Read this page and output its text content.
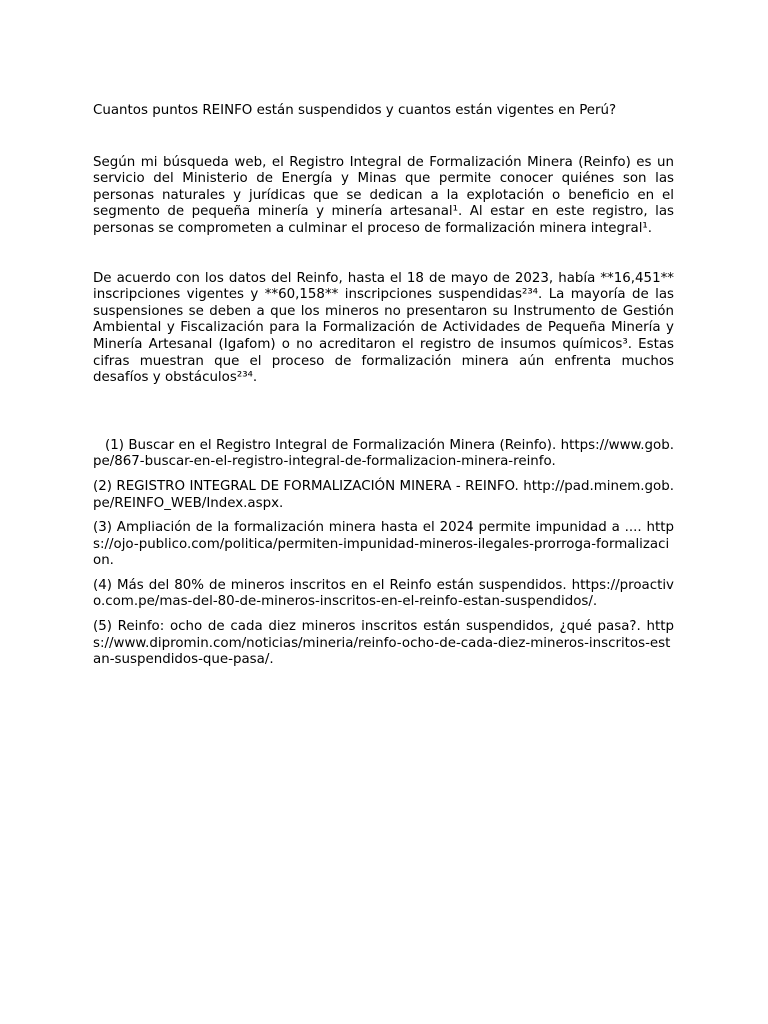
Cuantos puntos REINFO están suspendidos y cuantos están vigentes en Perú?

Según mi búsqueda web, el Registro Integral de Formalización Minera (Reinfo) es un servicio del Ministerio de Energía y Minas que permite conocer quiénes son las personas naturales y jurídicas que se dedican a la explotación o beneficio en el segmento de pequeña minería y minería artesanal¹. Al estar en este registro, las personas se comprometen a culminar el proceso de formalización minera integral¹.

De acuerdo con los datos del Reinfo, hasta el 18 de mayo de 2023, había **16,451** inscripciones vigentes y **60,158** inscripciones suspendidas²³⁴. La mayoría de las suspensiones se deben a que los mineros no presentaron su Instrumento de Gestión Ambiental y Fiscalización para la Formalización de Actividades de Pequeña Minería y Minería Artesanal (Igafom) o no acreditaron el registro de insumos químicos³. Estas cifras muestran que el proceso de formalización minera aún enfrenta muchos desafíos y obstáculos²³⁴.

(1) Buscar en el Registro Integral de Formalización Minera (Reinfo). https://www.gob.pe/867-buscar-en-el-registro-integral-de-formalizacion-minera-reinfo.

(2) REGISTRO INTEGRAL DE FORMALIZACIÓN MINERA - REINFO. http://pad.minem.gob.pe/REINFO_WEB/Index.aspx.

(3) Ampliación de la formalización minera hasta el 2024 permite impunidad a .... https://ojo-publico.com/politica/permiten-impunidad-mineros-ilegales-prorroga-formalizacion.

(4) Más del 80% de mineros inscritos en el Reinfo están suspendidos. https://proactivo.com.pe/mas-del-80-de-mineros-inscritos-en-el-reinfo-estan-suspendidos/.

(5) Reinfo: ocho de cada diez mineros inscritos están suspendidos, ¿qué pasa?. https://www.dipromin.com/noticias/mineria/reinfo-ocho-de-cada-diez-mineros-inscritos-estan-suspendidos-que-pasa/.
